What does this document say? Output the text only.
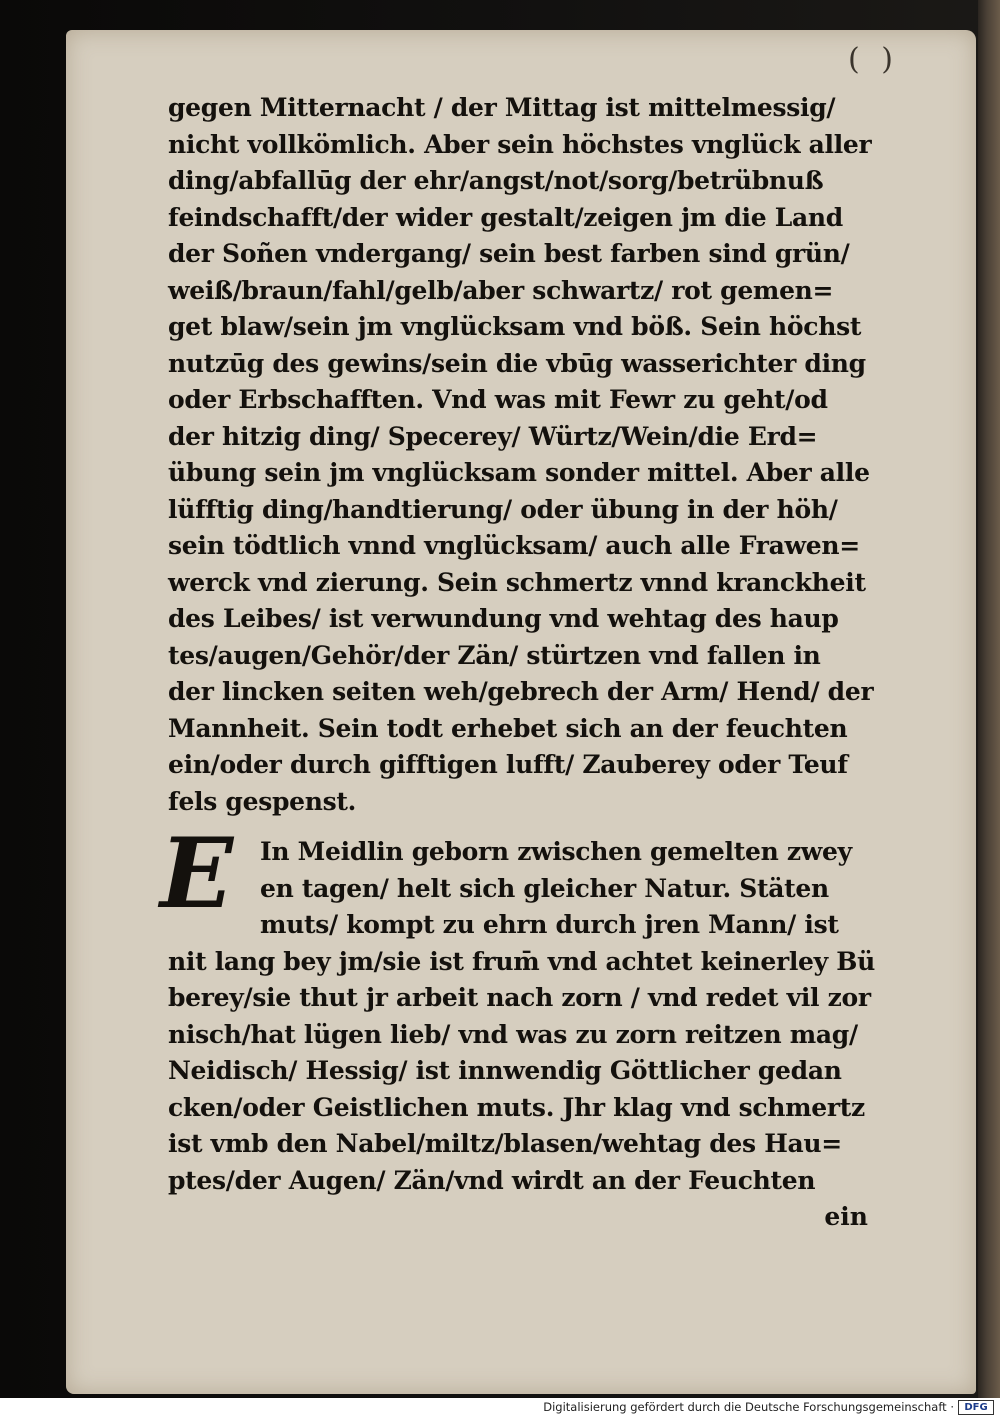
( )
gegen Mitternacht / der Mittag ist mittelmessig/
nicht vollkömlich. Aber sein höchstes vnglück aller
ding/abfallūg der ehr/angst/not/sorg/betrübnuß
feindschafft/der wider gestalt/zeigen jm die Land
der Soñen vndergang/ sein best farben sind grün/
weiß/braun/fahl/gelb/aber schwartz/ rot gemen=
get blaw/sein jm vnglücksam vnd böß. Sein höchst
nutzūg des gewins/sein die vbūg wasserichter ding
oder Erbschafften. Vnd was mit Fewr zu geht/od
der hitzig ding/ Specerey/ Würtz/Wein/die Erd=
übung sein jm vnglücksam sonder mittel. Aber alle
lüfftig ding/handtierung/ oder übung in der höh/
sein tödtlich vnnd vnglücksam/ auch alle Frawen=
werck vnd zierung. Sein schmertz vnnd kranckheit
des Leibes/ ist verwundung vnd wehtag des haup
tes/augen/Gehör/der Zän/ stürtzen vnd fallen in
der lincken seiten weh/gebrech der Arm/ Hend/ der
Mannheit. Sein todt erhebet sich an der feuchten
ein/oder durch gifftigen lufft/ Zauberey oder Teuf
fels gespenst.
E	In Meidlin geborn zwischen gemelten zwey
en tagen/ helt sich gleicher Natur. Stäten
muts/ kompt zu ehrn durch jren Mann/ ist
nit lang bey jm/sie ist frum̄ vnd achtet keinerley Bü
berey/sie thut jr arbeit nach zorn / vnd redet vil zor
nisch/hat lügen lieb/ vnd was zu zorn reitzen mag/
Neidisch/ Hessig/ ist innwendig Göttlicher gedan
cken/oder Geistlichen muts. Jhr klag vnd schmertz
ist vmb den Nabel/miltz/blasen/wehtag des Hau=
ptes/der Augen/ Zän/vnd wirdt an der Feuchten
ein
Digitalisierung gefördert durch die Deutsche Forschungsgemeinschaft ·	DFG
